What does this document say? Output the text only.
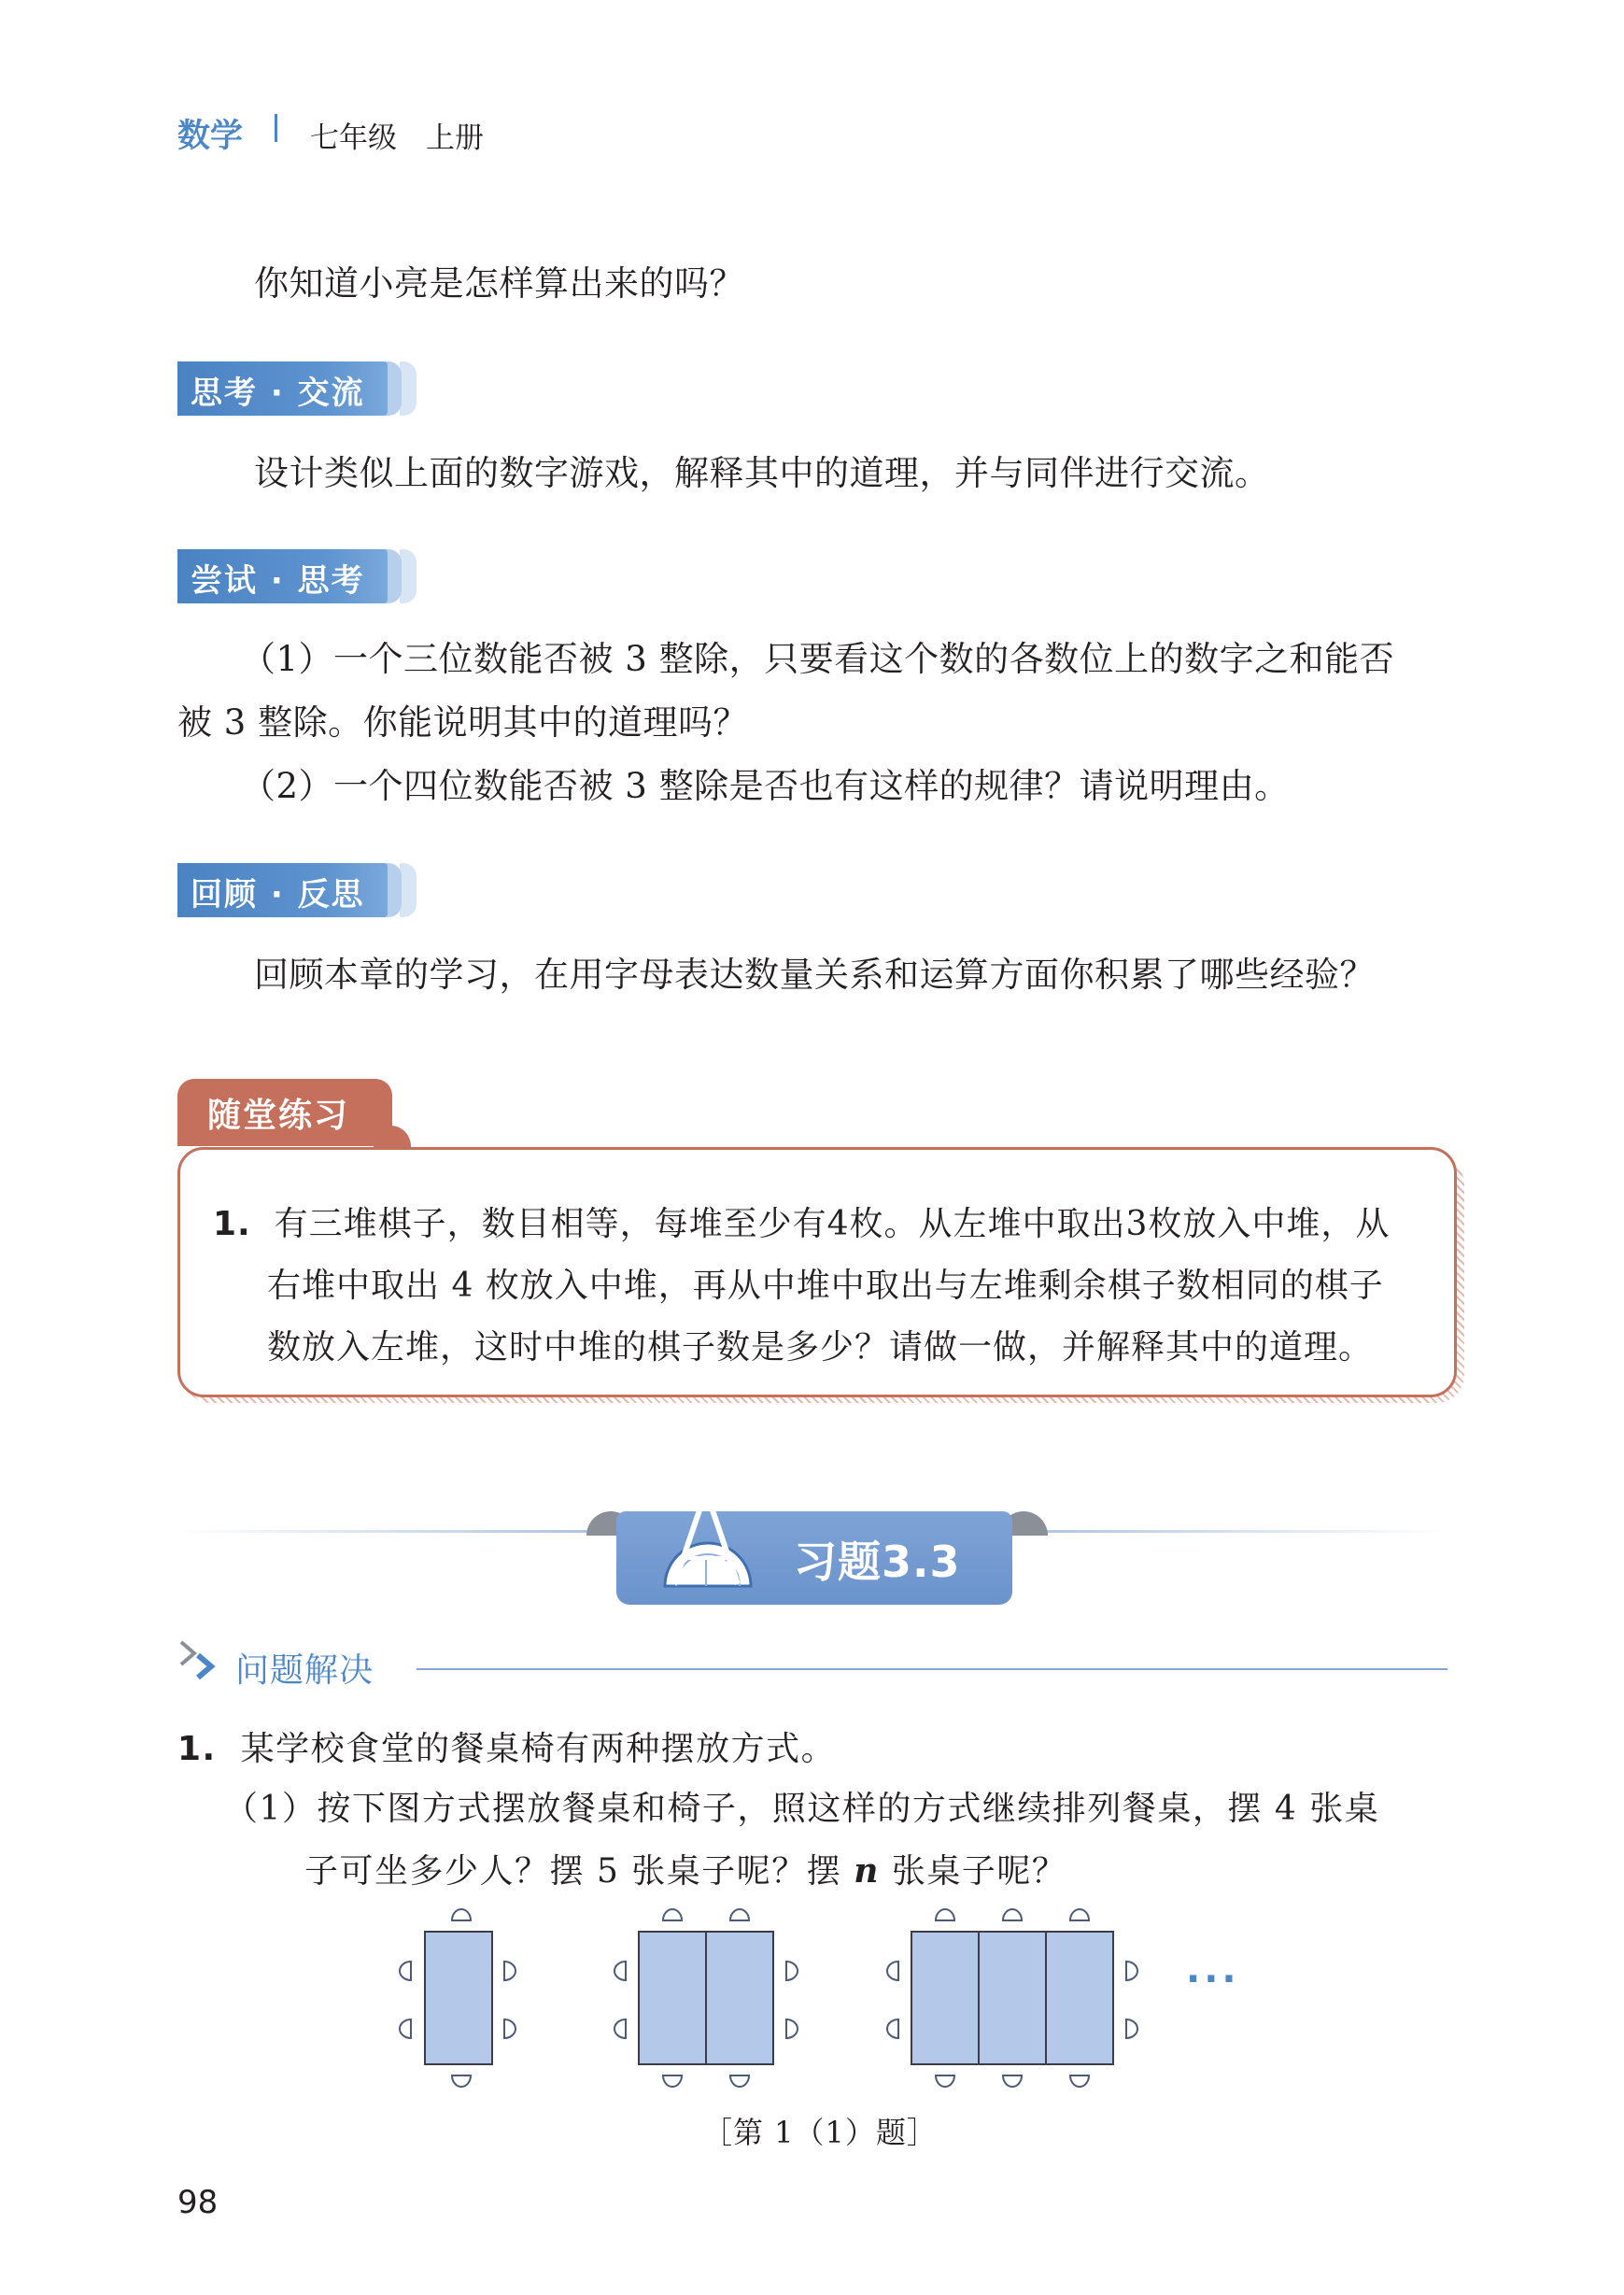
数学 七年级　上册
你知道小亮是怎样算出来的吗？
思考 · 交流
设计类似上面的数字游戏，解释其中的道理，并与同伴进行交流。
尝试 · 思考
（1）一个三位数能否被 3 整除，只要看这个数的各数位上的数字之和能否
被 3 整除。你能说明其中的道理吗？
（2）一个四位数能否被 3 整除是否也有这样的规律？请说明理由。
回顾 · 反思
回顾本章的学习，在用字母表达数量关系和运算方面你积累了哪些经验？
随堂练习
1. 有三堆棋子，数目相等，每堆至少有4枚。从左堆中取出3枚放入中堆，从
右堆中取出 4 枚放入中堆，再从中堆中取出与左堆剩余棋子数相同的棋子
数放入左堆，这时中堆的棋子数是多少？请做一做，并解释其中的道理。
习题3.3
问题解决
1. 某学校食堂的餐桌椅有两种摆放方式。
（1）按下图方式摆放餐桌和椅子，照这样的方式继续排列餐桌，摆 4 张桌
子可坐多少人？摆 5 张桌子呢？摆 n 张桌子呢？
···
［第 1（1）题］
98
